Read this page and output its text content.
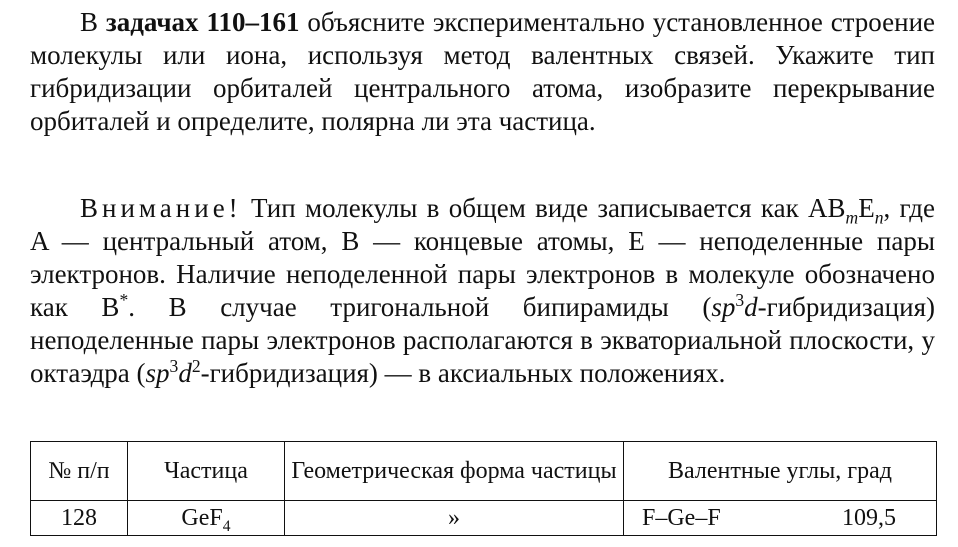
В задачах 110–161 объясните экспериментально установленное строение молекулы или иона, используя метод валентных связей. Укажите тип гибридизации орбиталей центрального атома, изобразите перекрывание орбиталей и определите, полярна ли эта частица.

Внимание! Тип молекулы в общем виде записывается как $AB_mE_n$, где A — центральный атом, B — концевые атомы, E — неподеленные пары электронов. Наличие неподеленной пары электронов в молекуле обозначено как B*. В случае тригональной бипирамиды $(sp^3d-гибридизация)$ неподеленные пары электронов располагаются в экваториальной плоскости, у октаэдра $(sp^3d^2-гибридизация)$ — в аксиальных положениях.

№ п/п	Частица	Геометрическая форма частицы	Валентные углы, град
128	GeF$_4$	»	F–Ge–F 109,5
